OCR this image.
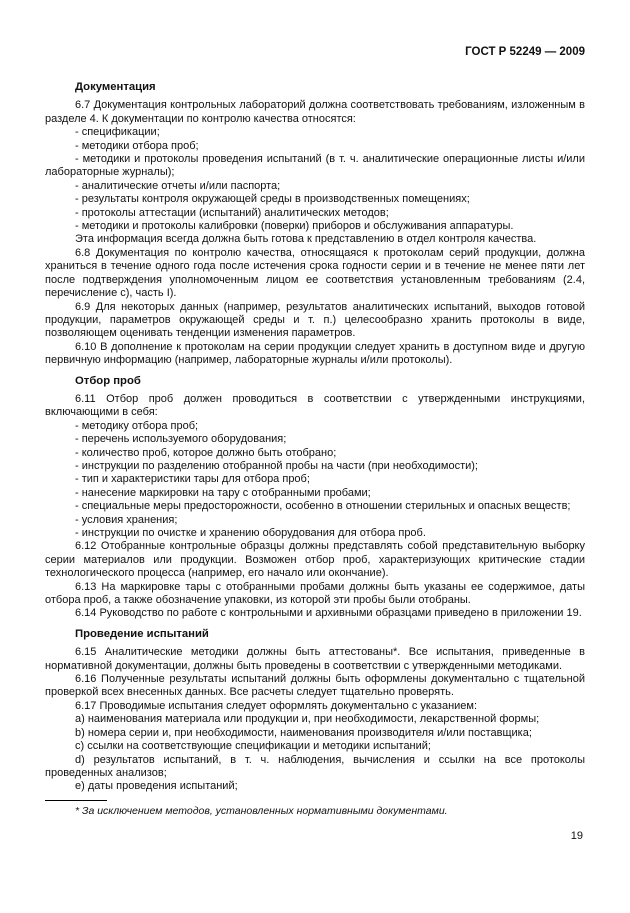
ГОСТ Р 52249 — 2009
Документация

6.7 Документация контрольных лабораторий должна соответствовать требованиям, изложенным в разделе 4. К документации по контролю качества относятся:

- спецификации;

- методики отбора проб;

- методики и протоколы проведения испытаний (в т. ч. аналитические операционные листы и/или лабораторные журналы);

- аналитические отчеты и/или паспорта;

- результаты контроля окружающей среды в производственных помещениях;

- протоколы аттестации (испытаний) аналитических методов;

- методики и протоколы калибровки (поверки) приборов и обслуживания аппаратуры.

Эта информация всегда должна быть готова к представлению в отдел контроля качества.

6.8 Документация по контролю качества, относящаяся к протоколам серий продукции, должна храниться в течение одного года после истечения срока годности серии и в течение не менее пяти лет после подтверждения уполномоченным лицом ее соответствия установленным требованиям (2.4, перечисление c), часть I).

6.9 Для некоторых данных (например, результатов аналитических испытаний, выходов готовой продукции, параметров окружающей среды и т. п.) целесообразно хранить протоколы в виде, позволяющем оценивать тенденции изменения параметров.

6.10 В дополнение к протоколам на серии продукции следует хранить в доступном виде и другую первичную информацию (например, лабораторные журналы и/или протоколы).

Отбор проб

6.11 Отбор проб должен проводиться в соответствии с утвержденными инструкциями, включающими в себя:

- методику отбора проб;

- перечень используемого оборудования;

- количество проб, которое должно быть отобрано;

- инструкции по разделению отобранной пробы на части (при необходимости);

- тип и характеристики тары для отбора проб;

- нанесение маркировки на тару с отобранными пробами;

- специальные меры предосторожности, особенно в отношении стерильных и опасных веществ;

- условия хранения;

- инструкции по очистке и хранению оборудования для отбора проб.

6.12 Отобранные контрольные образцы должны представлять собой представительную выборку серии материалов или продукции. Возможен отбор проб, характеризующих критические стадии технологического процесса (например, его начало или окончание).

6.13 На маркировке тары с отобранными пробами должны быть указаны ее содержимое, даты отбора проб, а также обозначение упаковки, из которой эти пробы были отобраны.

6.14 Руководство по работе с контрольными и архивными образцами приведено в приложении 19.

Проведение испытаний

6.15 Аналитические методики должны быть аттестованы*. Все испытания, приведенные в нормативной документации, должны быть проведены в соответствии с утвержденными методиками.

6.16 Полученные результаты испытаний должны быть оформлены документально с тщательной проверкой всех внесенных данных. Все расчеты следует тщательно проверять.

6.17 Проводимые испытания следует оформлять документально с указанием:

a) наименования материала или продукции и, при необходимости, лекарственной формы;

b) номера серии и, при необходимости, наименования производителя и/или поставщика;

c) ссылки на соответствующие спецификации и методики испытаний;

d) результатов испытаний, в т. ч. наблюдения, вычисления и ссылки на все протоколы проведенных анализов;

e) даты проведения испытаний;

* За исключением методов, установленных нормативными документами.

19
